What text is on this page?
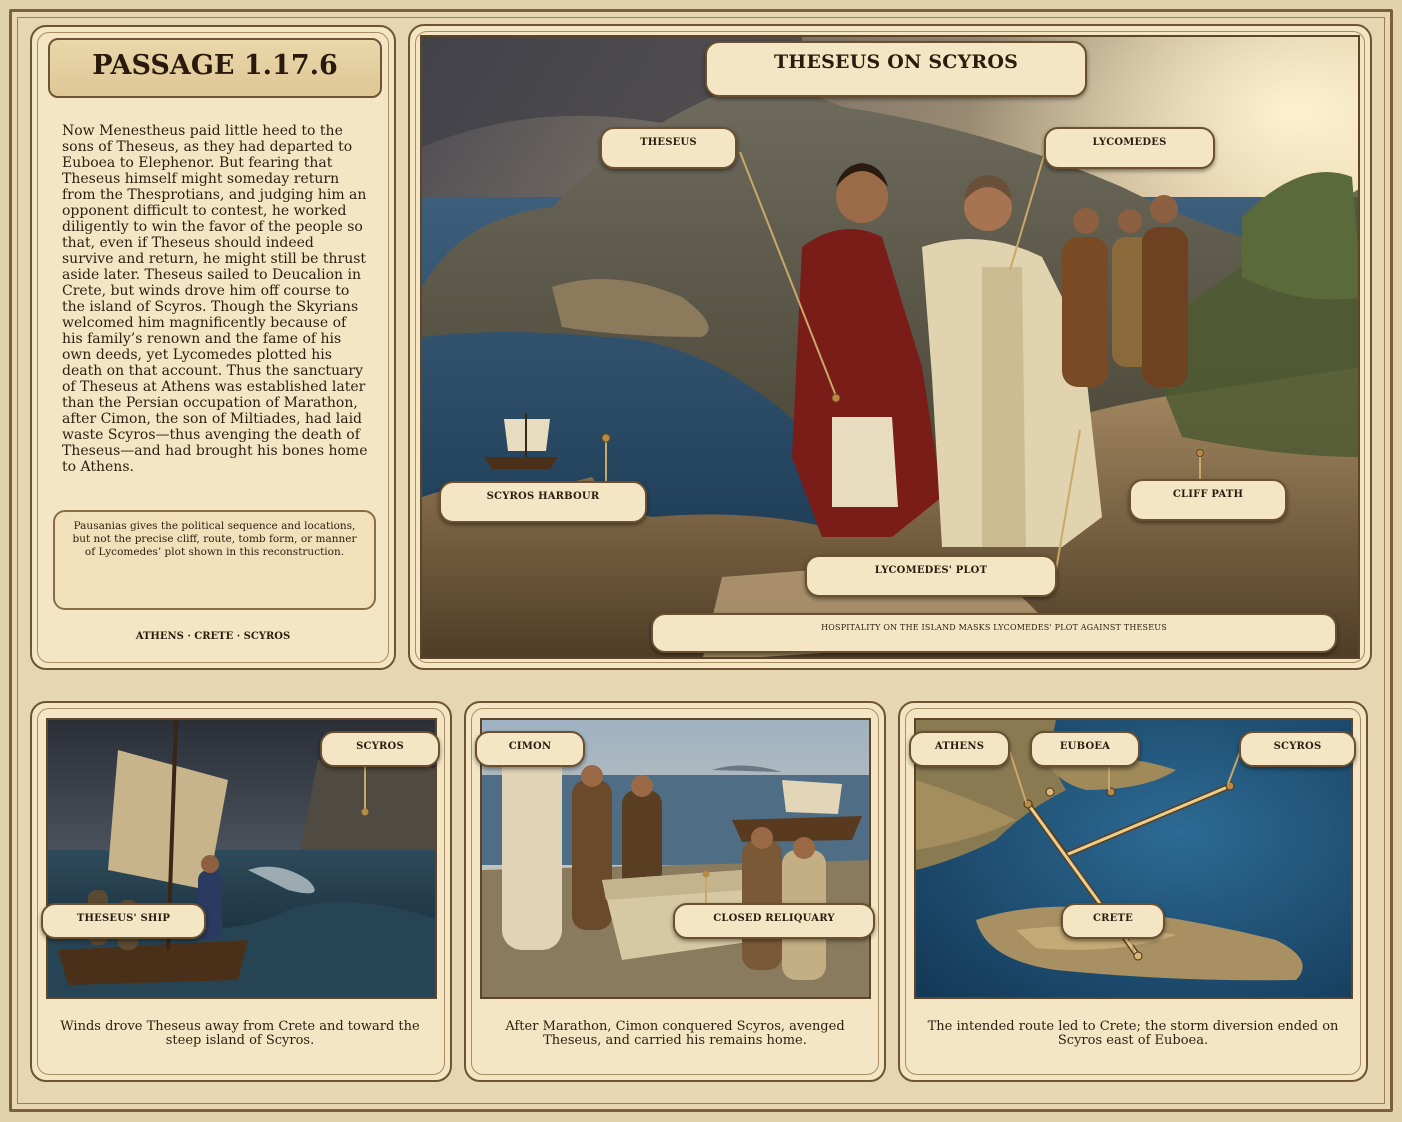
PASSAGE 1.17.6
Now Menestheus paid little heed to the sons of Theseus, as they had departed to Euboea to Elephenor. But fearing that Theseus himself might someday return from the Thesprotians, and judging him an opponent difficult to contest, he worked diligently to win the favor of the people so that, even if Theseus should indeed survive and return, he might still be thrust aside later. Theseus sailed to Deucalion in Crete, but winds drove him off course to the island of Scyros. Though the Skyrians welcomed him magnificently because of his family’s renown and the fame of his own deeds, yet Lycomedes plotted his death on that account. Thus the sanctuary of Theseus at Athens was established later than the Persian occupation of Marathon, after Cimon, the son of Miltiades, had laid waste Scyros—thus avenging the death of Theseus—and had brought his bones home to Athens.
Pausanias gives the political sequence and locations, but not the precise cliff, route, tomb form, or manner of Lycomedes’ plot shown in this reconstruction.
ATHENS · CRETE · SCYROS
THESEUS ON SCYROS
THESEUS	LYCOMEDES
SCYROS HARBOUR	CLIFF PATH
LYCOMEDES' PLOT
HOSPITALITY ON THE ISLAND MASKS LYCOMEDES' PLOT AGAINST THESEUS
SCYROS
THESEUS' SHIP
Winds drove Theseus away from Crete and toward the steep island of Scyros.
CIMON
CLOSED RELIQUARY
After Marathon, Cimon conquered Scyros, avenged Theseus, and carried his remains home.
ATHENS	EUBOEA	SCYROS
CRETE
The intended route led to Crete; the storm diversion ended on Scyros east of Euboea.
